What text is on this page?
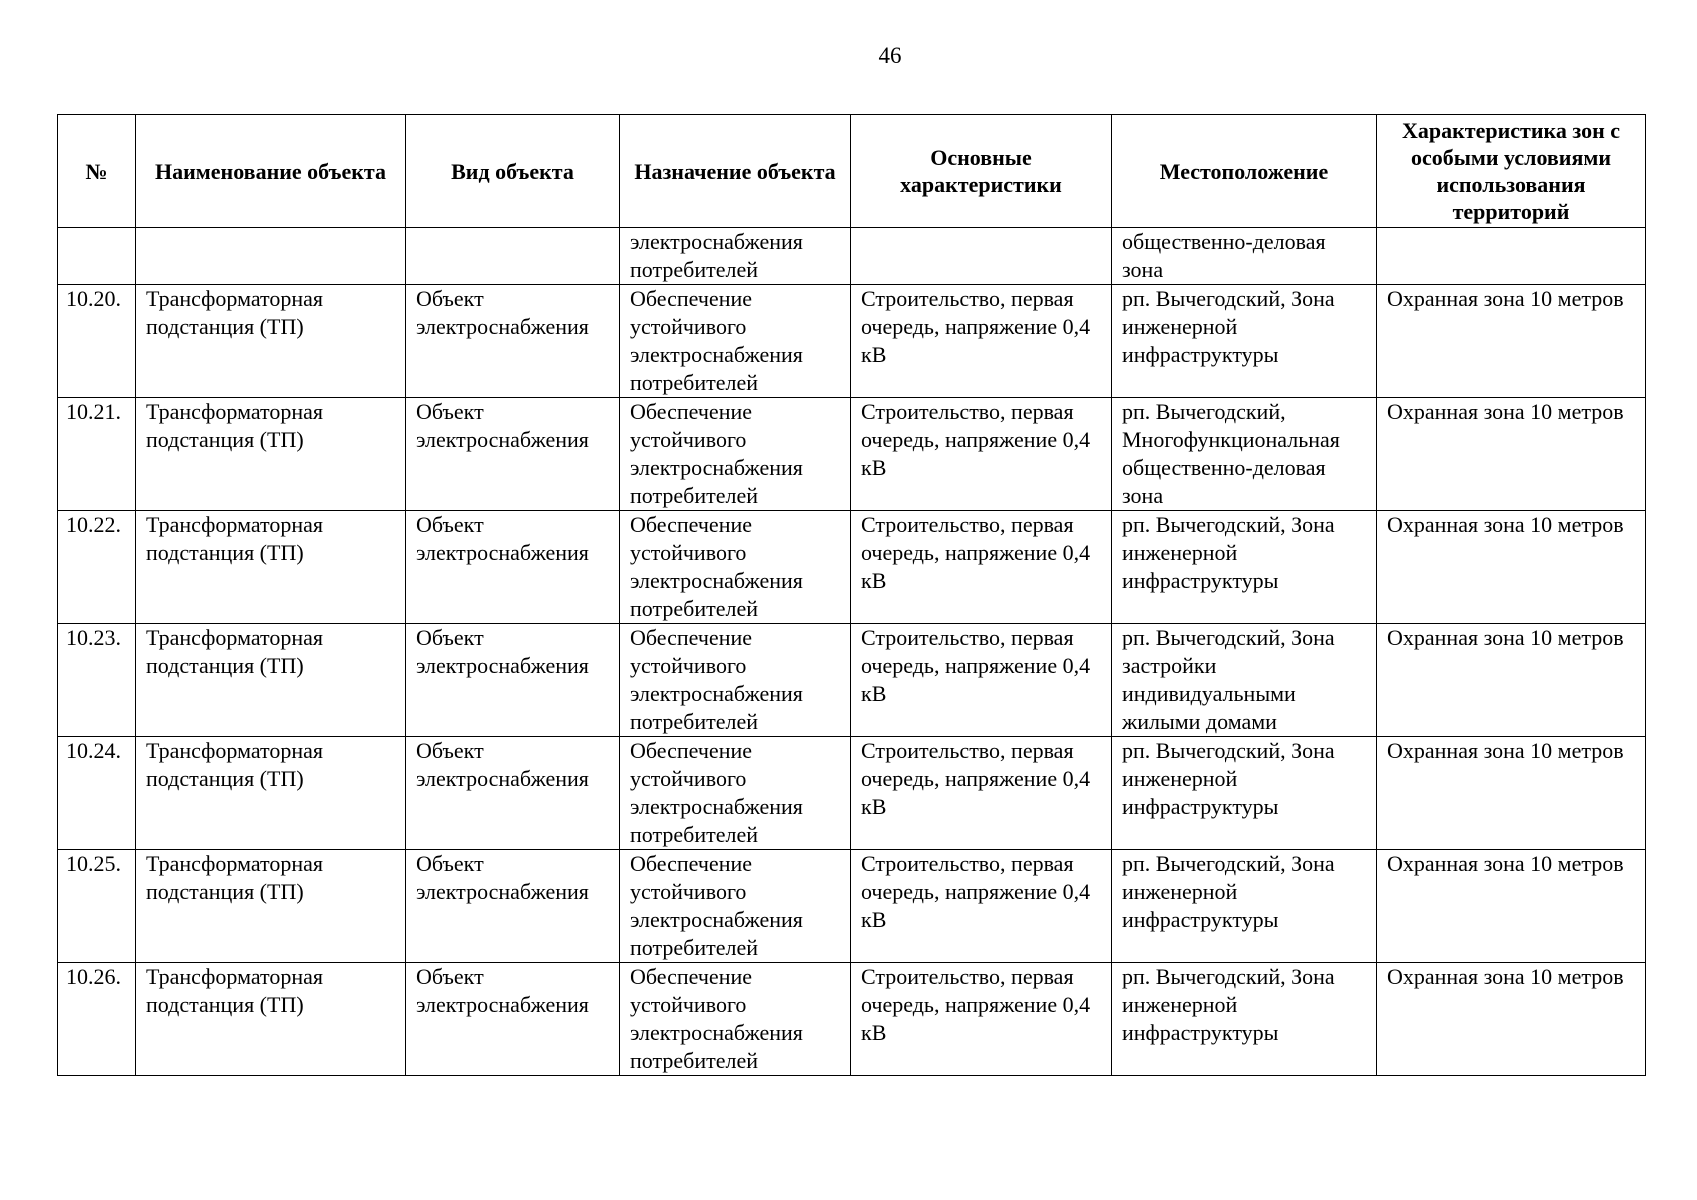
46
№	Наименование объекта	Вид объекта	Назначение объекта	Основные характеристики	Местоположение	Характеристика зон с особыми условиями использования территорий
			электроснабжения потребителей		общественно-деловая зона	
10.20.	Трансформаторная подстанция (ТП)	Объект электроснабжения	Обеспечение устойчивого электроснабжения потребителей	Строительство, первая очередь, напряжение 0,4 кВ	рп. Вычегодский, Зона инженерной инфраструктуры	Охранная зона 10 метров
10.21.	Трансформаторная подстанция (ТП)	Объект электроснабжения	Обеспечение устойчивого электроснабжения потребителей	Строительство, первая очередь, напряжение 0,4 кВ	рп. Вычегодский, Многофункциональная общественно-деловая зона	Охранная зона 10 метров
10.22.	Трансформаторная подстанция (ТП)	Объект электроснабжения	Обеспечение устойчивого электроснабжения потребителей	Строительство, первая очередь, напряжение 0,4 кВ	рп. Вычегодский, Зона инженерной инфраструктуры	Охранная зона 10 метров
10.23.	Трансформаторная подстанция (ТП)	Объект электроснабжения	Обеспечение устойчивого электроснабжения потребителей	Строительство, первая очередь, напряжение 0,4 кВ	рп. Вычегодский, Зона застройки индивидуальными жилыми домами	Охранная зона 10 метров
10.24.	Трансформаторная подстанция (ТП)	Объект электроснабжения	Обеспечение устойчивого электроснабжения потребителей	Строительство, первая очередь, напряжение 0,4 кВ	рп. Вычегодский, Зона инженерной инфраструктуры	Охранная зона 10 метров
10.25.	Трансформаторная подстанция (ТП)	Объект электроснабжения	Обеспечение устойчивого электроснабжения потребителей	Строительство, первая очередь, напряжение 0,4 кВ	рп. Вычегодский, Зона инженерной инфраструктуры	Охранная зона 10 метров
10.26.	Трансформаторная подстанция (ТП)	Объект электроснабжения	Обеспечение устойчивого электроснабжения потребителей	Строительство, первая очередь, напряжение 0,4 кВ	рп. Вычегодский, Зона инженерной инфраструктуры	Охранная зона 10 метров
